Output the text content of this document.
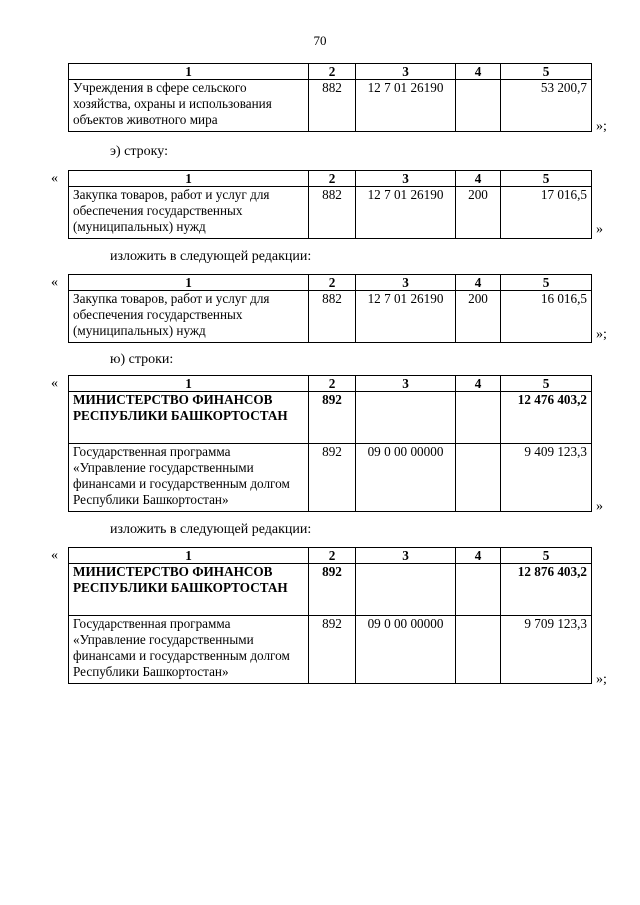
70
1	2	3	4	5
Учреждения в сфере сельского хозяйства, охраны и использования объектов животного мира	882	12 7 01 26190		53 200,7
»;
э) строку:
«	1	2	3	4	5
Закупка товаров, работ и услуг для обеспечения государственных (муниципальных) нужд	882	12 7 01 26190	200	17 016,5
»
изложить в следующей редакции:
«	1	2	3	4	5
Закупка товаров, работ и услуг для обеспечения государственных (муниципальных) нужд	882	12 7 01 26190	200	16 016,5
»;
ю) строки:
«	1	2	3	4	5
МИНИСТЕРСТВО ФИНАНСОВ РЕСПУБЛИКИ БАШКОРТОСТАН	892			12 476 403,2
Государственная программа «Управление государственными финансами и государственным долгом Республики Башкортостан»	892	09 0 00 00000		9 409 123,3
»
изложить в следующей редакции:
«	1	2	3	4	5
МИНИСТЕРСТВО ФИНАНСОВ РЕСПУБЛИКИ БАШКОРТОСТАН	892			12 876 403,2
Государственная программа «Управление государственными финансами и государственным долгом Республики Башкортостан»	892	09 0 00 00000		9 709 123,3
»;
